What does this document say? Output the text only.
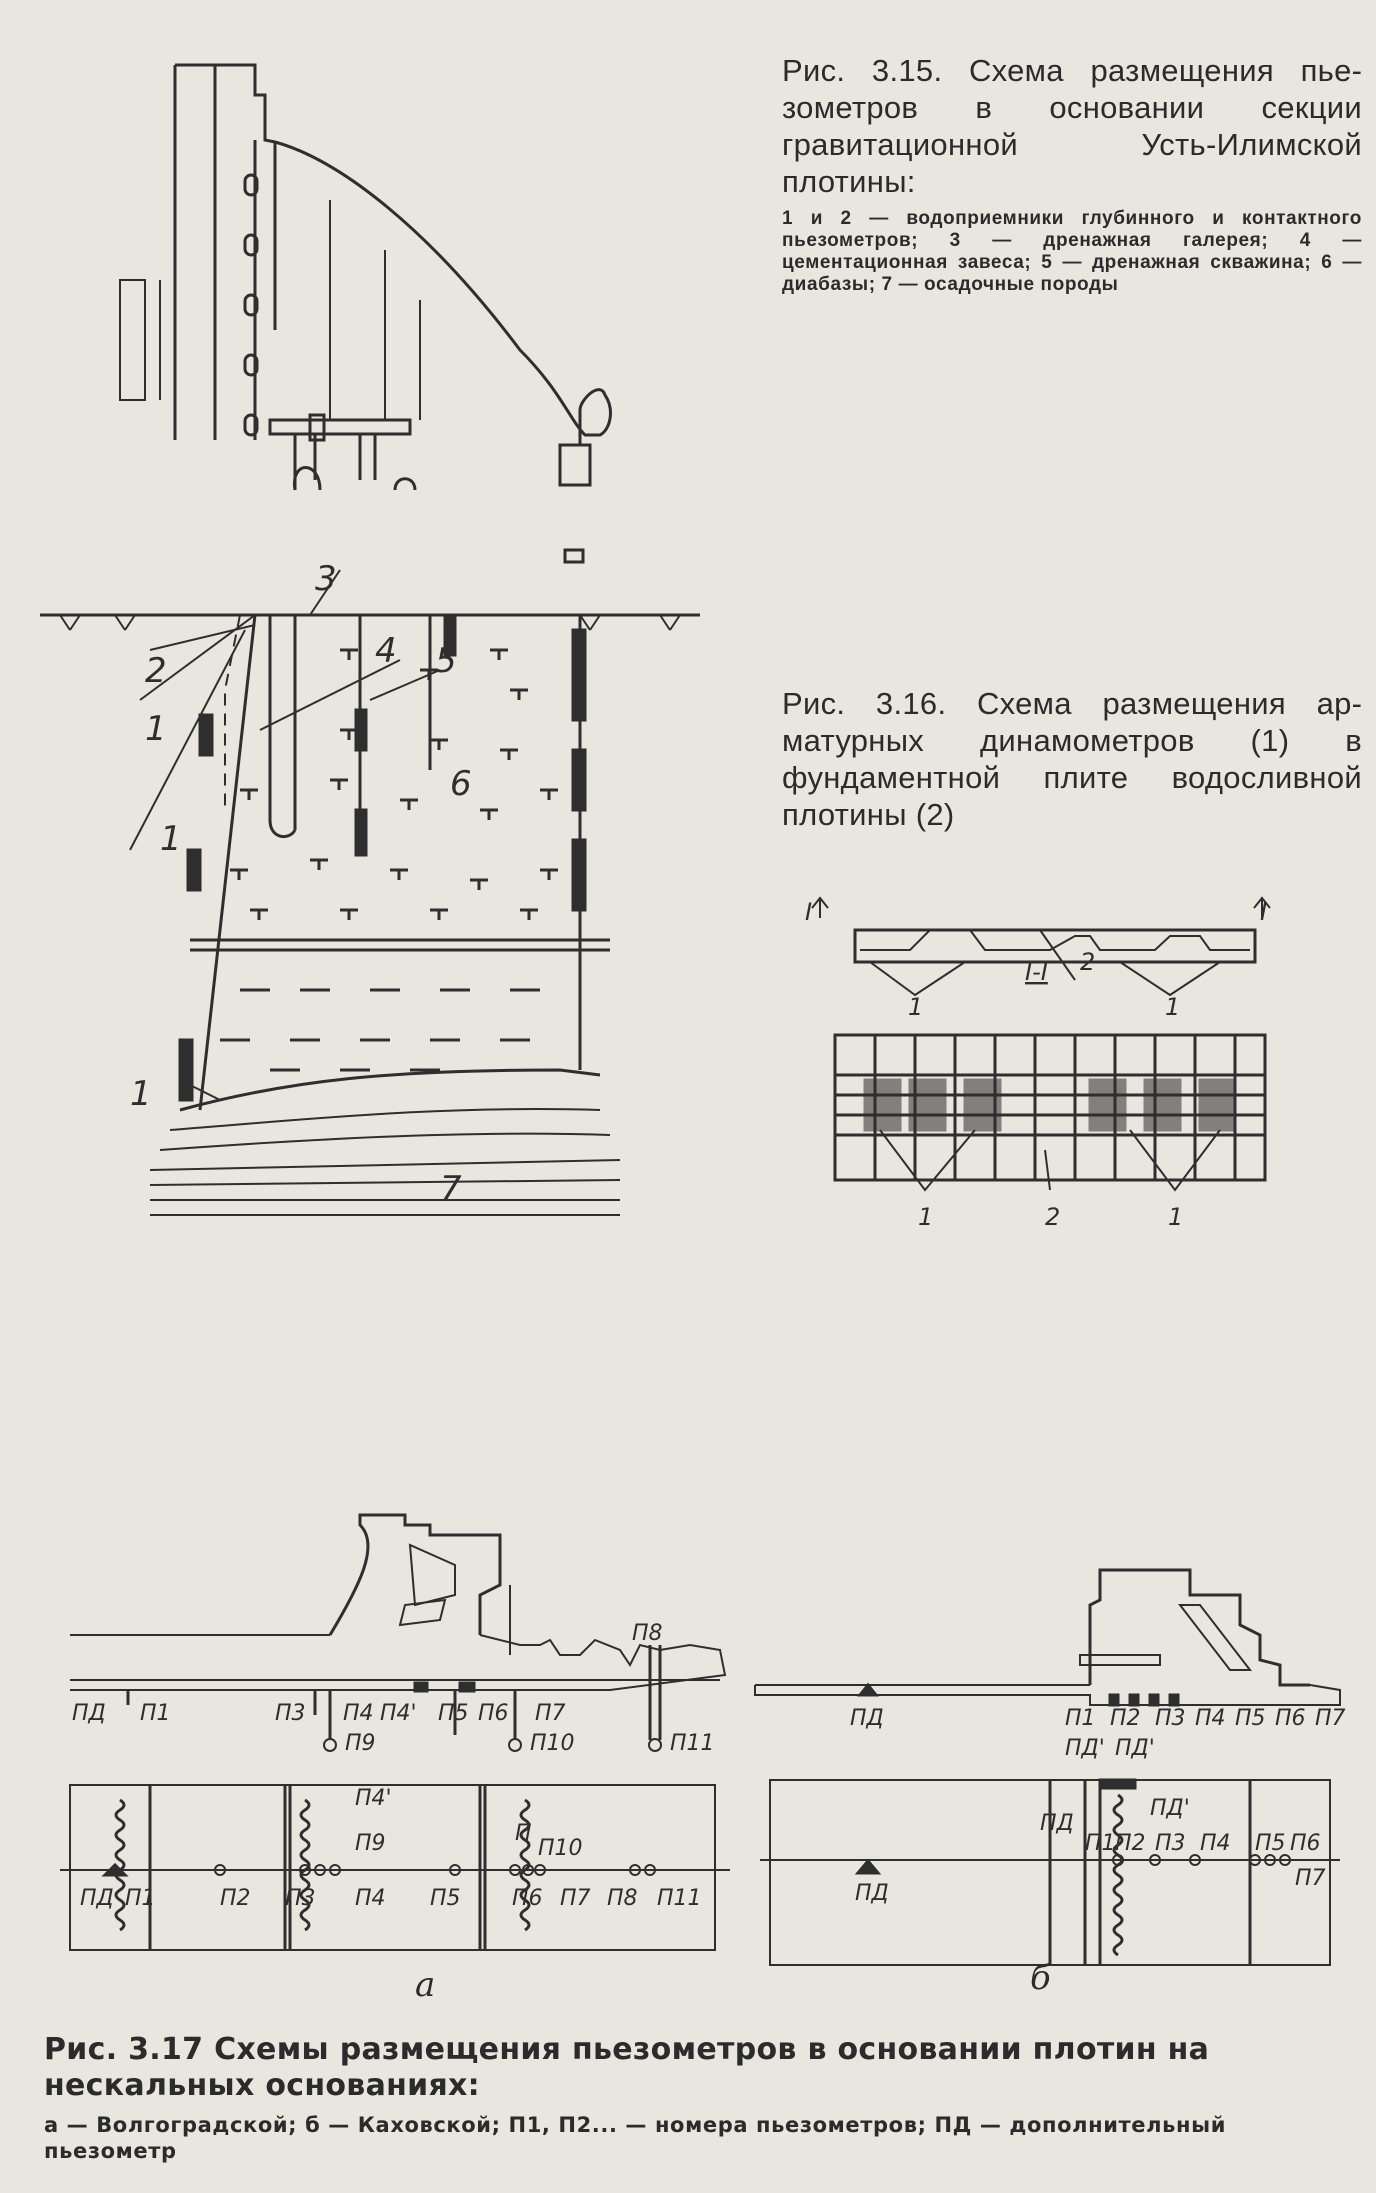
2
1
1
1
3
4 5
6
7
Рис. 3.15. Схема размещения пьезометров в основании секции гравитационной Усть-Илимской плотины:
1 и 2 — водоприемники глубинного и контактного пьезометров; 3 — дренажная галерея; 4 — цементационная завеса; 5 — дренажная скважина; 6 — диабазы; 7 — осадочные породы
Рис. 3.16. Схема размещения арматурных динамометров (1) в фундаментной плите водосливной плотины (2)
I	I
1	1
I-I 2
1	2	1
ПД П1	П3 П4 П4' П5 П6 П7
П8
П9	П10	П11
П4'
П9	П
П10
ПД П1	П2 П3 П4 П5 П6 П7 П8 П11
а
ПД	П1 П2 П3 П4 П5 П6 П7
ПД' ПД'
ПД
ПД'
П1 П2 П3 П4 П5 П6
П7
ПД
б
Рис. 3.17 Схемы размещения пьезометров в основании плотин на нескальных основаниях:
а — Волгоградской; б — Каховской; П1, П2... — номера пьезометров; ПД — дополнительный пьезометр
